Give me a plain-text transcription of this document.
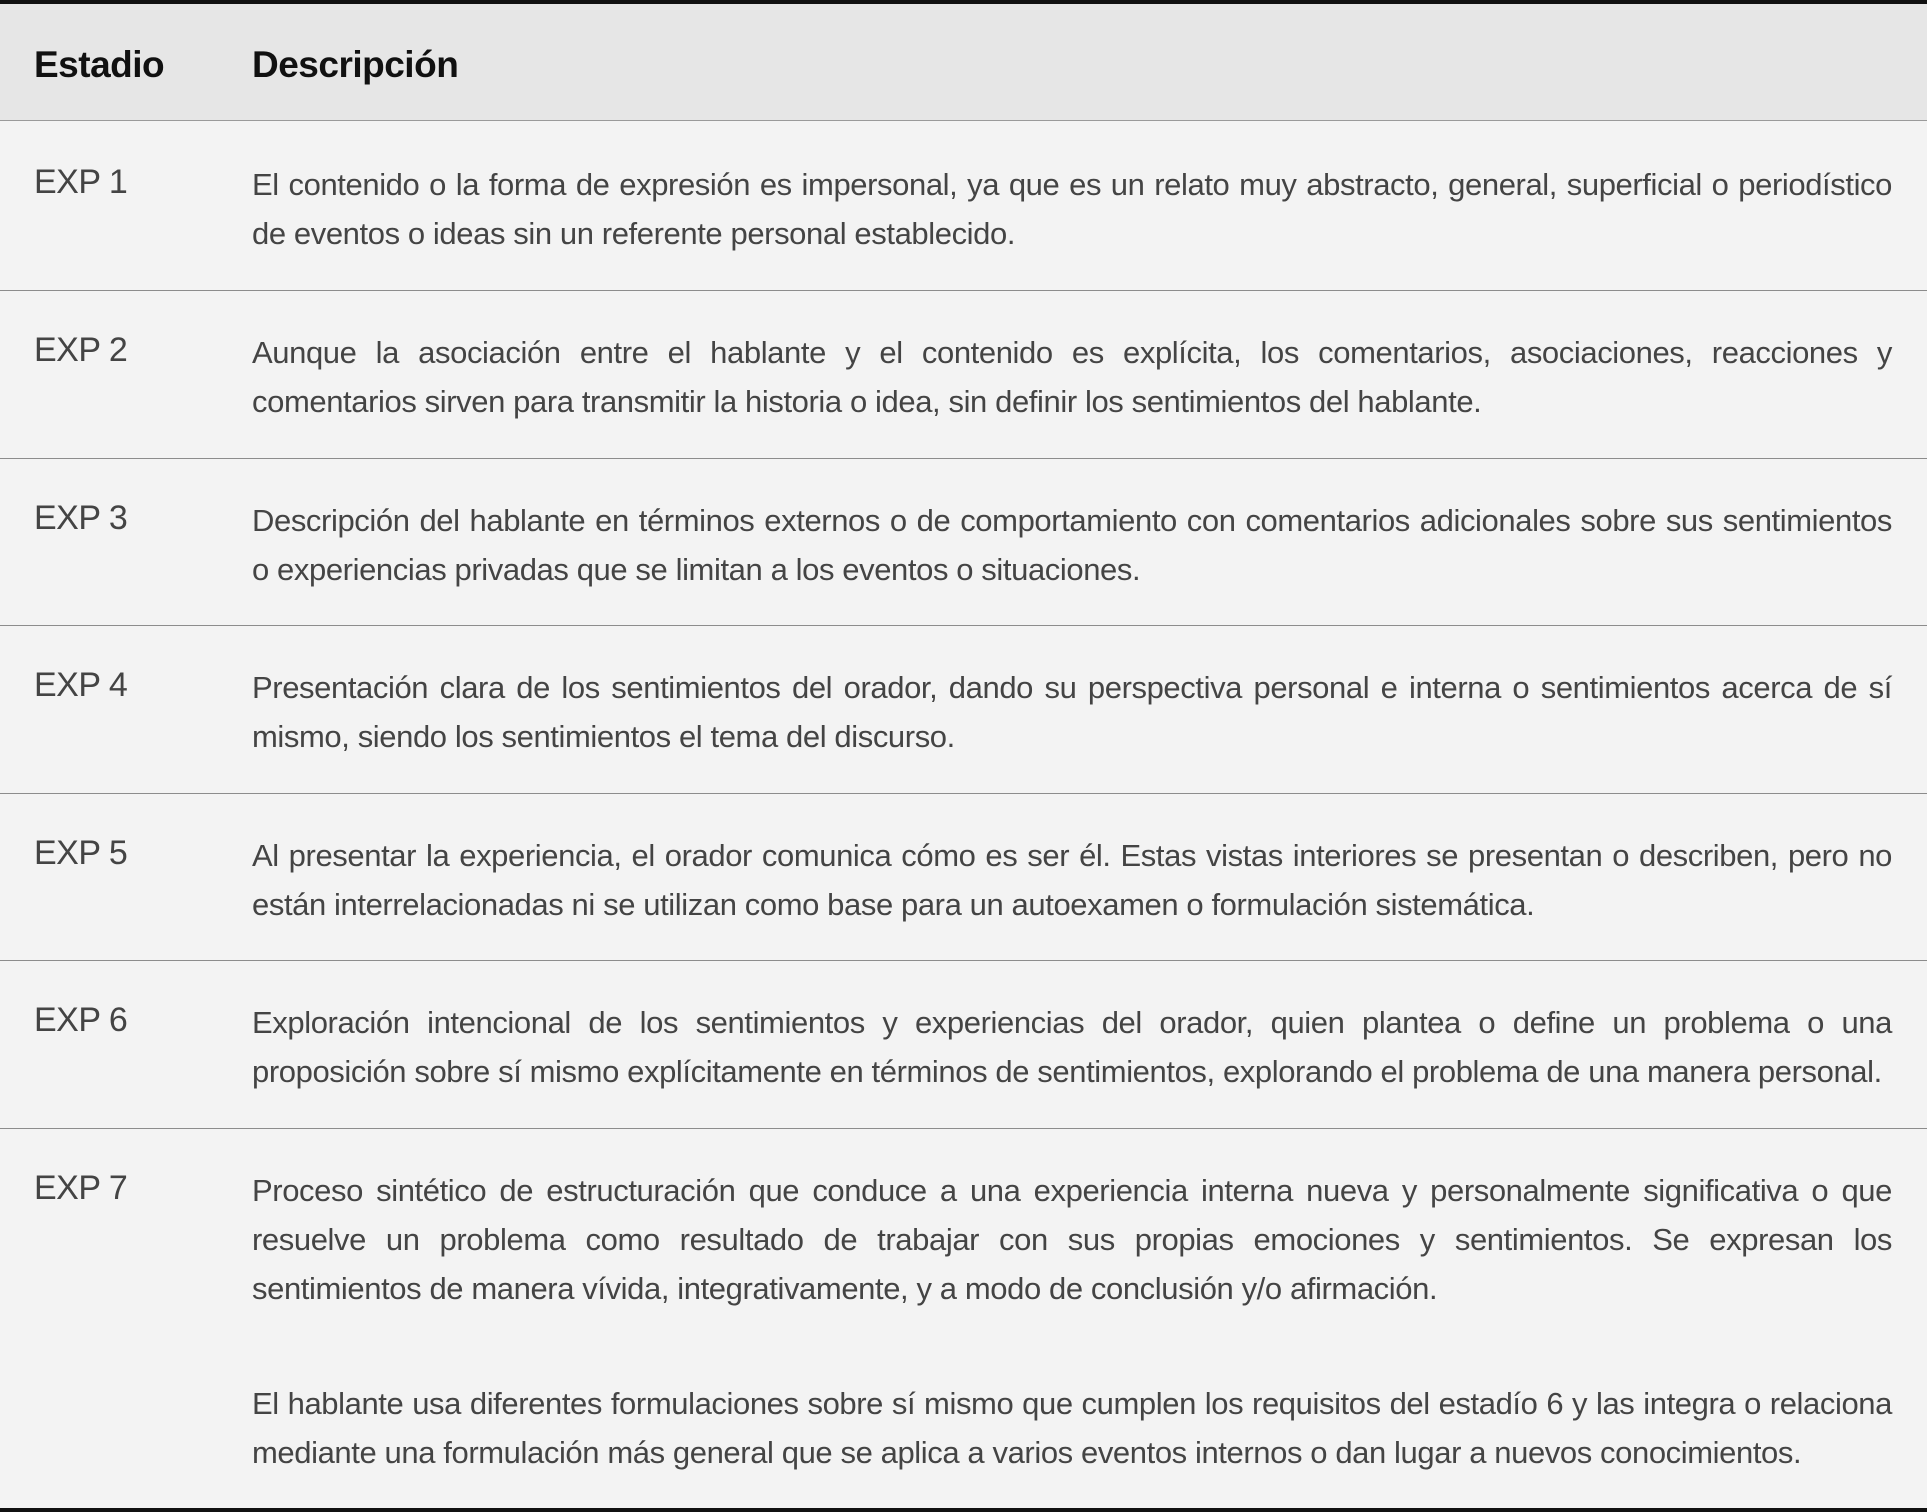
Estadio Descripción
EXP 1	El contenido o la forma de expresión es impersonal, ya que es un relato muy abstracto, general, superficial o periodístico de eventos o ideas sin un referente personal establecido.

EXP 2	Aunque la asociación entre el hablante y el contenido es explícita, los comentarios, asociaciones, reacciones y comentarios sirven para transmitir la historia o idea, sin definir los sentimientos del hablante.

EXP 3	Descripción del hablante en términos externos o de comportamiento con comentarios adicionales sobre sus sentimientos o experiencias privadas que se limitan a los eventos o situaciones.

EXP 4	Presentación clara de los sentimientos del orador, dando su perspectiva personal e interna o sentimientos acerca de sí mismo, siendo los sentimientos el tema del discurso.

EXP 5	Al presentar la experiencia, el orador comunica cómo es ser él. Estas vistas interiores se presentan o describen, pero no están interrelacionadas ni se utilizan como base para un autoexamen o formulación sistemática.

EXP 6	Exploración intencional de los sentimientos y experiencias del orador, quien plantea o define un problema o una proposición sobre sí mismo explícitamente en términos de sentimientos, explorando el problema de una manera personal.

EXP 7	Proceso sintético de estructuración que conduce a una experiencia interna nueva y personalmente significativa o que resuelve un problema como resultado de trabajar con sus propias emociones y sentimientos. Se expresan los sentimientos de manera vívida, integrativamente, y a modo de conclusión y/o afirmación.

El hablante usa diferentes formulaciones sobre sí mismo que cumplen los requisitos del estadío 6 y las integra o relaciona mediante una formulación más general que se aplica a varios eventos internos o dan lugar a nuevos conocimientos.
